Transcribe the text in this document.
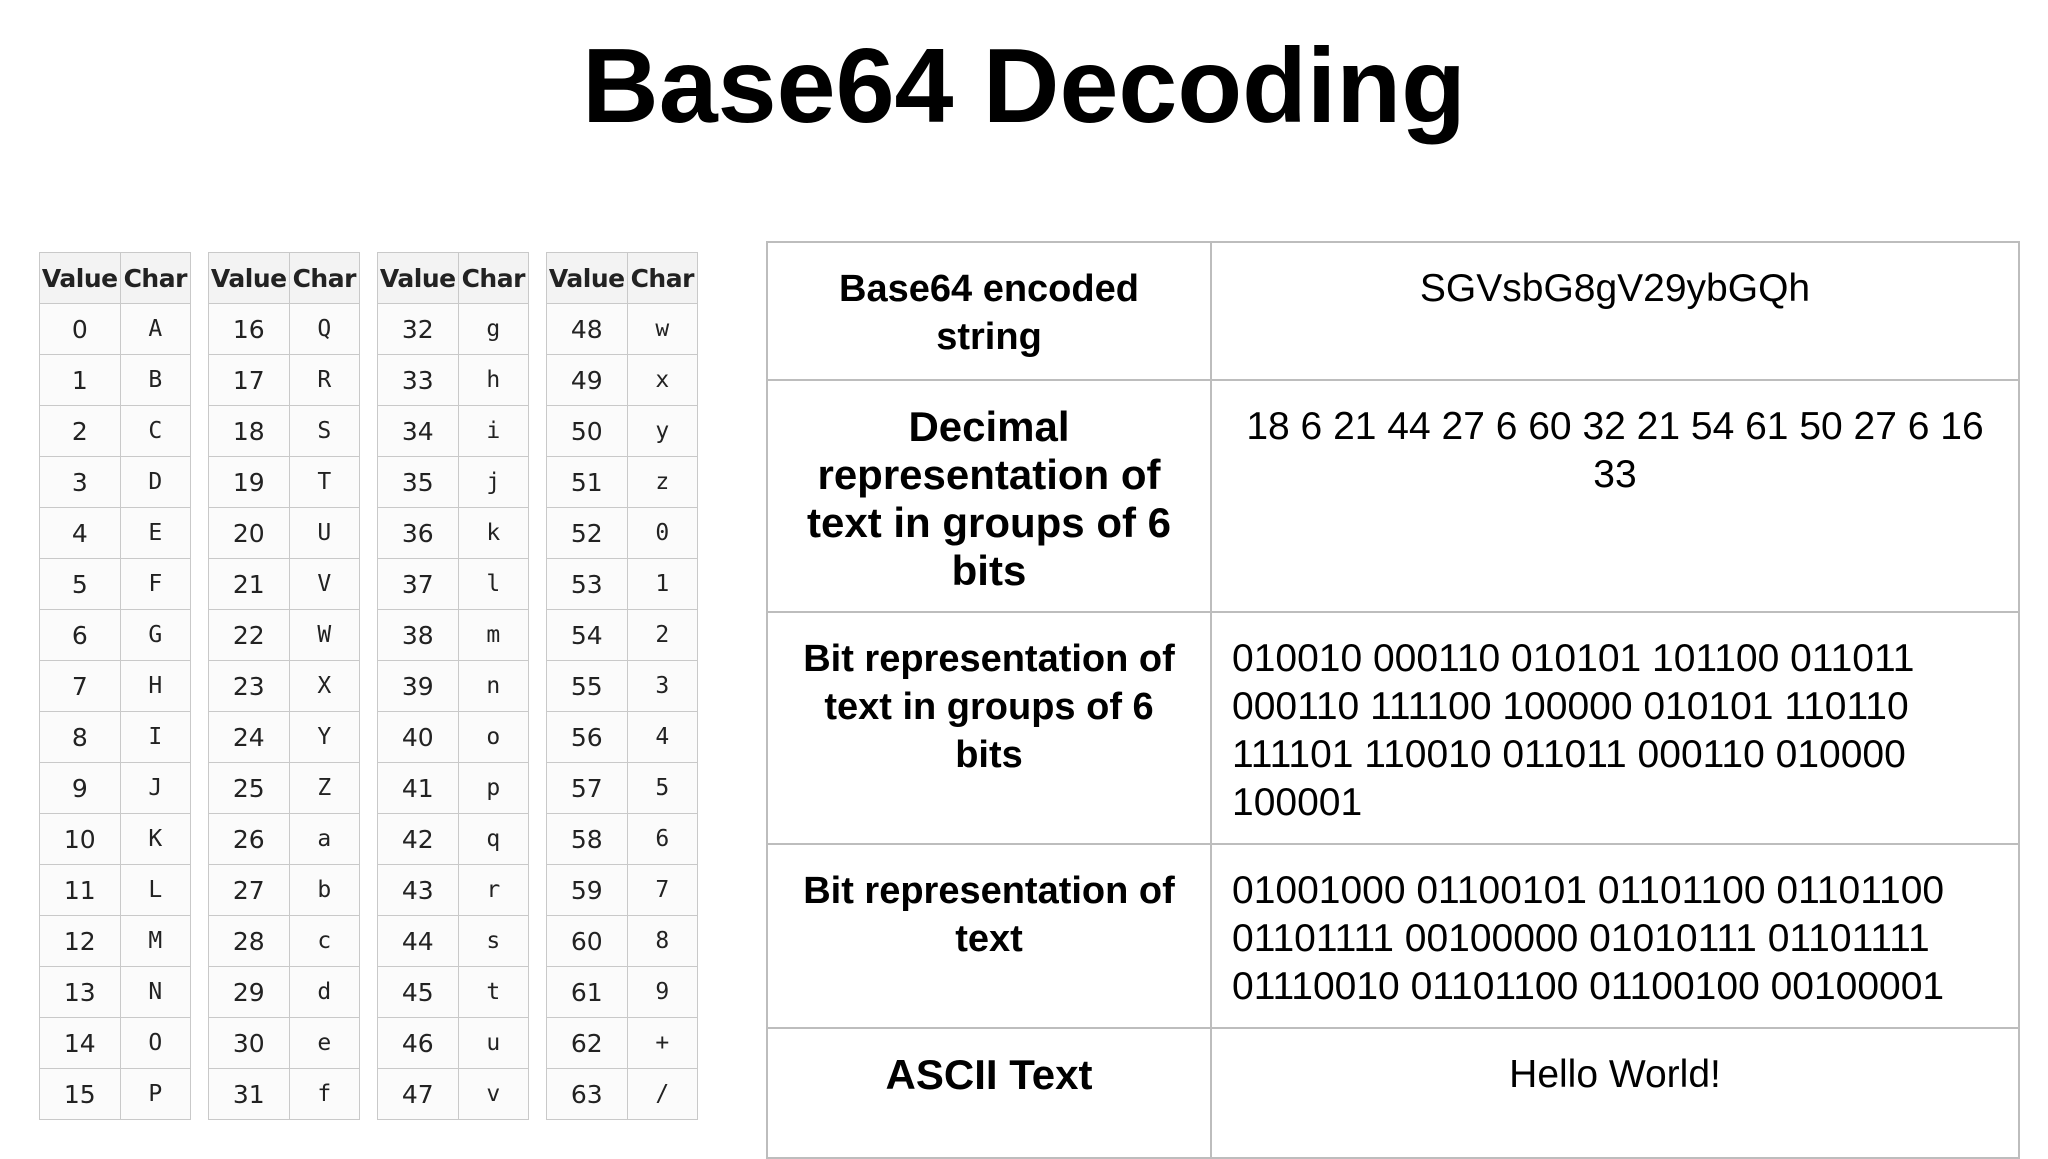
Base64 Decoding
Value	Char
0	A
1	B
2	C
3	D
4	E
5	F
6	G
7	H
8	I
9	J
10	K
11	L
12	M
13	N
14	O
15	P
Value	Char
16	Q
17	R
18	S
19	T
20	U
21	V
22	W
23	X
24	Y
25	Z
26	a
27	b
28	c
29	d
30	e
31	f
Value	Char
32	g
33	h
34	i
35	j
36	k
37	l
38	m
39	n
40	o
41	p
42	q
43	r
44	s
45	t
46	u
47	v
Value	Char
48	w
49	x
50	y
51	z
52	0
53	1
54	2
55	3
56	4
57	5
58	6
59	7
60	8
61	9
62	+
63	/
Base64 encoded string	SGVsbG8gV29ybGQh
Decimal representation of text in groups of 6 bits	18 6 21 44 27 6 60 32 21 54 61 50 27 6 16 33
Bit representation of text in groups of 6 bits	010010 000110 010101 101100 011011 000110 111100 100000 010101 110110 111101 110010 011011 000110 010000 100001
Bit representation of text	01001000 01100101 01101100 01101100 01101111 00100000 01010111 01101111 01110010 01101100 01100100 00100001
ASCII Text	Hello World!
